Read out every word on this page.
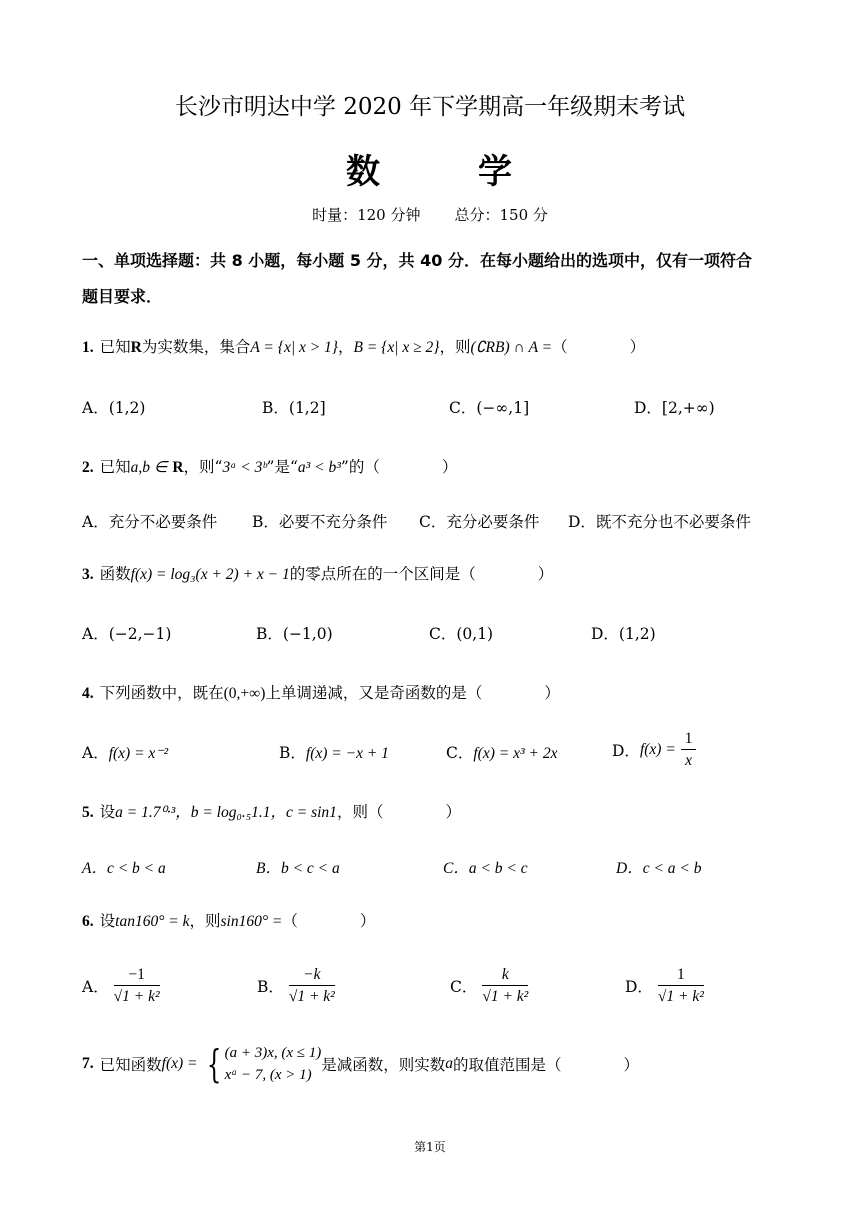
长沙市明达中学 2020 年下学期高一年级期末考试
数	学
时量：120 分钟 总分：150 分
一、单项选择题：共 8 小题，每小题 5 分，共 40 分．在每小题给出的选项中，仅有一项符合
题目要求．
1. 已知R为实数集，集合A = {x| x > 1}，B = {x| x ≥ 2}，则(∁RB) ∩ A =（　　　　）
A．(1,2)	B．(1,2]	C．(−∞,1]	D．[2,+∞)
2. 已知a,b ∈ R，则“3ᵃ < 3ᵇ”是“a³ < b³”的（　　　　）
A．充分不必要条件 B．必要不充分条件 C．充分必要条件 D．既不充分也不必要条件
3. 函数f(x) = log₃(x + 2) + x − 1的零点所在的一个区间是（　　　　）
A．(−2,−1)	B．(−1,0)	C．(0,1)	D．(1,2)
4. 下列函数中，既在(0,+∞)上单调递减，又是奇函数的是（　　　　）
A．f(x) = x⁻²	B．f(x) = −x + 1	C．f(x) = x³ + 2x	D．$f(x) = \frac{1}{x}$
5. 设a = 1.7⁰·³，b = log₀.₅1.1，c = sin1，则（　　　　）
A．c < b < a	B．b < c < a	C．a < b < c	D．c < a < b
6. 设tan160° = k，则sin160° =（　　　　）
A． $\frac{-1}{\text{√1 + k²}}$	B． $\frac{-k}{\text{√1 + k²}}$	C． $\frac{k}{\text{√1 + k²}}$	D． $\frac{1}{\text{√1 + k²}}$
7. 已知函数f(x) = { (a + 3)x, (x ≤ 1)
xᵃ − 7, (x > 1)
是减函数，则实数a的取值范围是（　　　　）
第1页
